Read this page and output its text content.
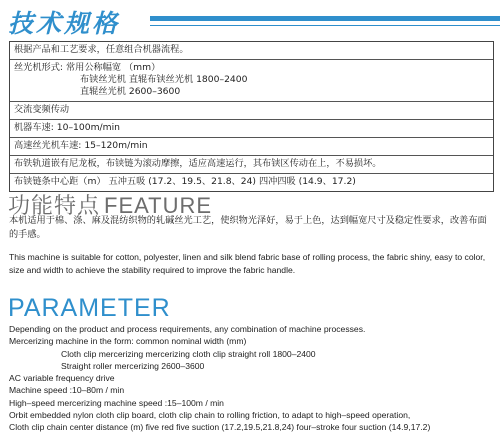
技术规格
根据产品和工艺要求，任意组合机器流程。
丝光机形式: 常用公称幅宽 （mm）
布铗丝光机 直辊布铗丝光机 1800–2400
直辊丝光机 2600–3600
交流变频传动
机器车速: 10–100m/min
高速丝光机车速: 15–120m/min
布铁轨道嵌有尼龙板，布铗链为滚动摩擦，适应高速运行，其布铗区传动在上，不易损坏。
布铗链条中心距（m） 五冲五吸 (17.2、19.5、21.8、24) 四冲四吸 (14.9、17.2)
功能特点 FEATURE
本机适用于棉、涤、麻及混纺织物的轧碱丝光工艺，使织物光泽好，易于上色，达到幅宽尺寸及稳定性要求，改善布面的手感。
This machine is suitable for cotton, polyester, linen and silk blend fabric base of rolling process, the fabric shiny, easy to color, size and width to achieve the stability required to improve the fabric handle.
PARAMETER
Depending on the product and process requirements, any combination of machine processes.
Mercerizing machine in the form: common nominal width (mm)
Cloth clip mercerizing mercerizing cloth clip straight roll 1800–2400
Straight roller mercerizing 2600–3600
AC variable frequency drive
Machine speed :10–80m / min
High–speed mercerizing machine speed :15–100m / min
Orbit embedded nylon cloth clip board, cloth clip chain to rolling friction, to adapt to high–speed operation,
Cloth clip chain center distance (m) five red five suction (17.2,19.5,21.8,24) four–stroke four suction (14.9,17.2)
